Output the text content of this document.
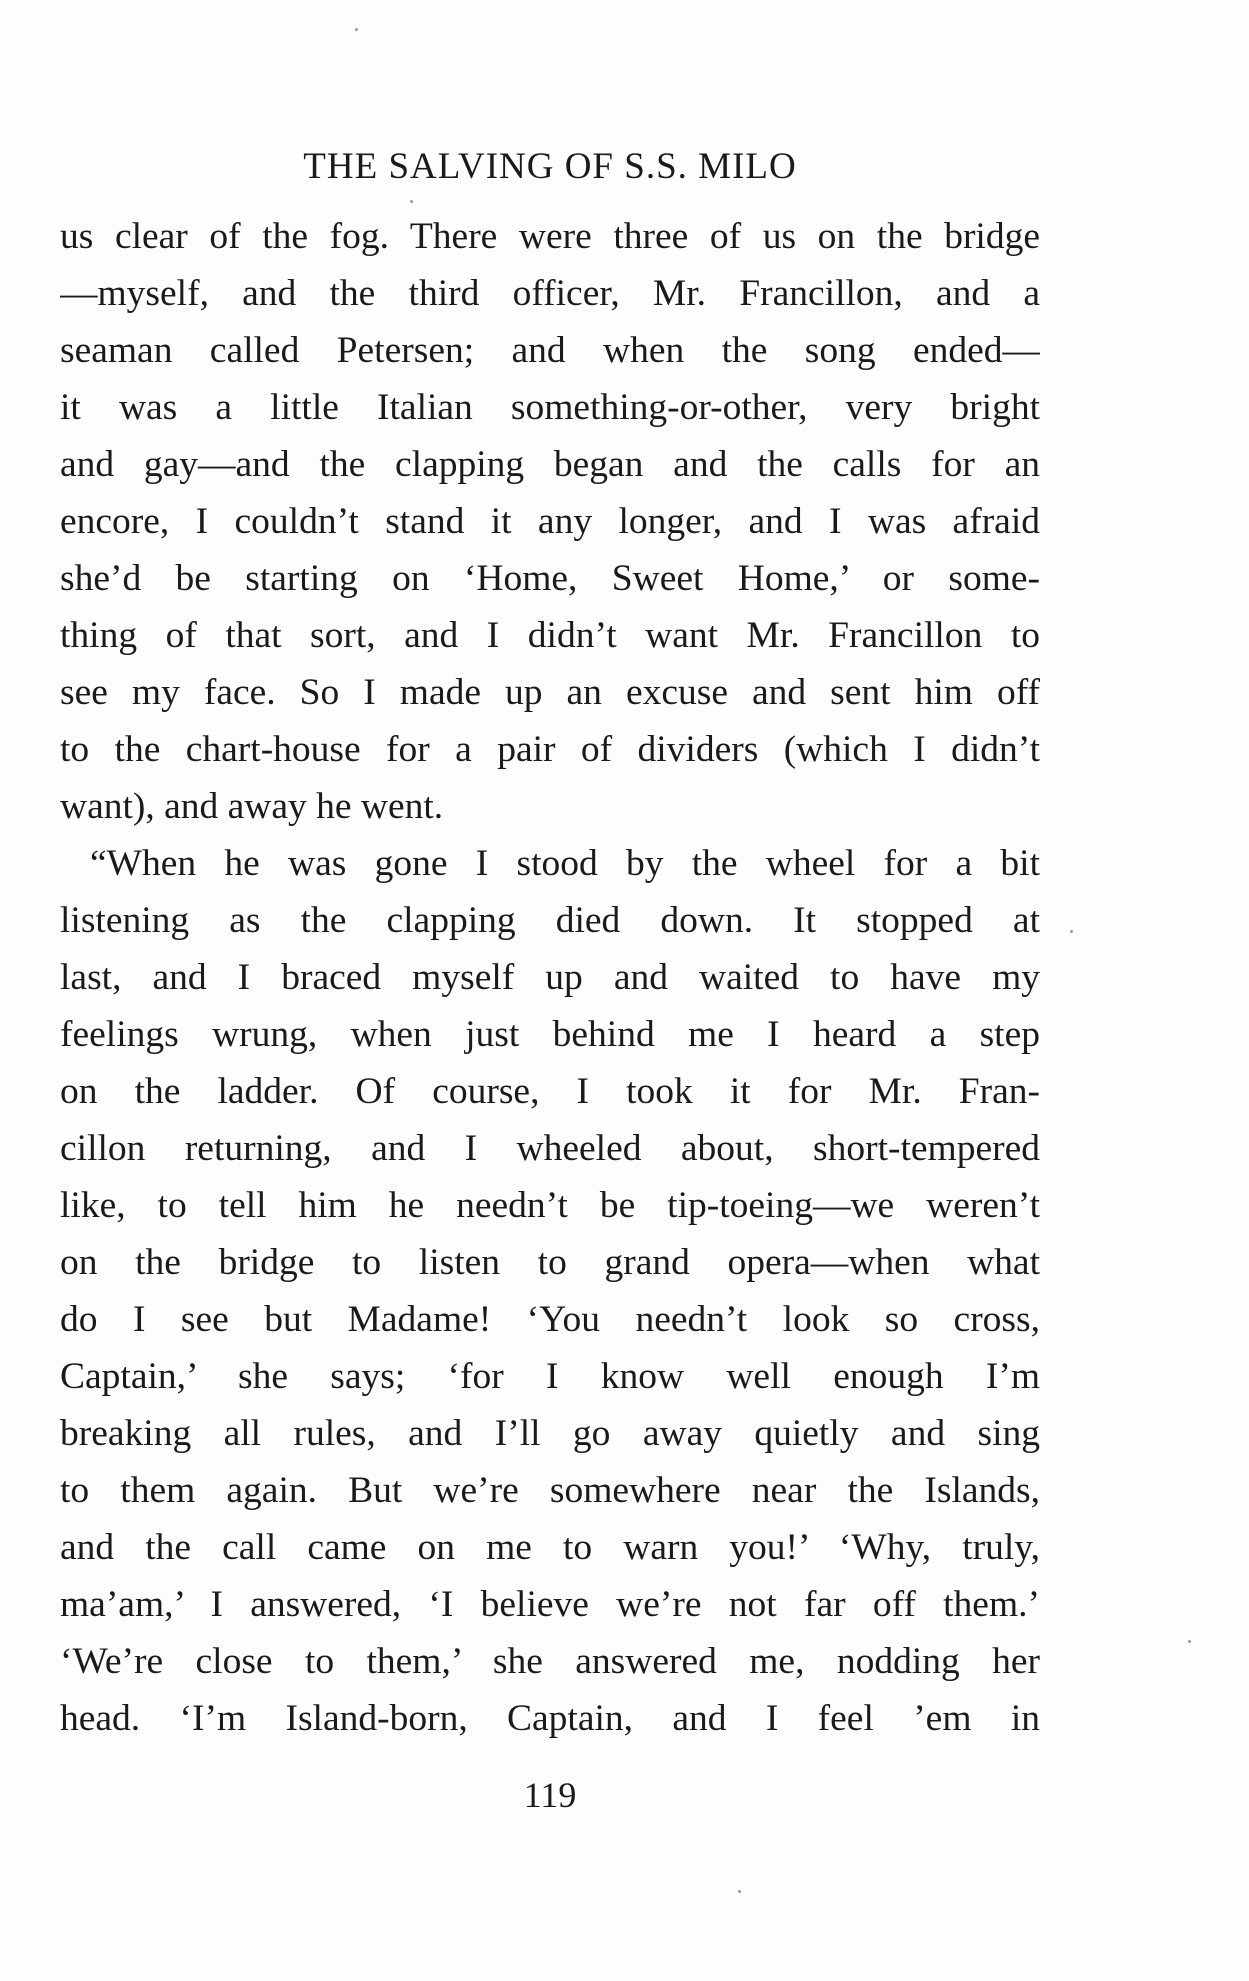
THE SALVING OF S.S. MILO
us clear of the fog. There were three of us on the bridge
—myself, and the third officer, Mr. Francillon, and a
seaman called Petersen; and when the song ended—
it was a little Italian something-or-other, very bright
and gay—and the clapping began and the calls for an
encore, I couldn’t stand it any longer, and I was afraid
she’d be starting on ‘Home, Sweet Home,’ or some-
thing of that sort, and I didn’t want Mr. Francillon to
see my face. So I made up an excuse and sent him off
to the chart-house for a pair of dividers (which I didn’t
want), and away he went.
“When he was gone I stood by the wheel for a bit
listening as the clapping died down. It stopped at
last, and I braced myself up and waited to have my
feelings wrung, when just behind me I heard a step
on the ladder. Of course, I took it for Mr. Fran-
cillon returning, and I wheeled about, short-tempered
like, to tell him he needn’t be tip-toeing—we weren’t
on the bridge to listen to grand opera—when what
do I see but Madame! ‘You needn’t look so cross,
Captain,’ she says; ‘for I know well enough I’m
breaking all rules, and I’ll go away quietly and sing
to them again. But we’re somewhere near the Islands,
and the call came on me to warn you!’ ‘Why, truly,
ma’am,’ I answered, ‘I believe we’re not far off them.’
‘We’re close to them,’ she answered me, nodding her
head. ‘I’m Island-born, Captain, and I feel ’em in
119
